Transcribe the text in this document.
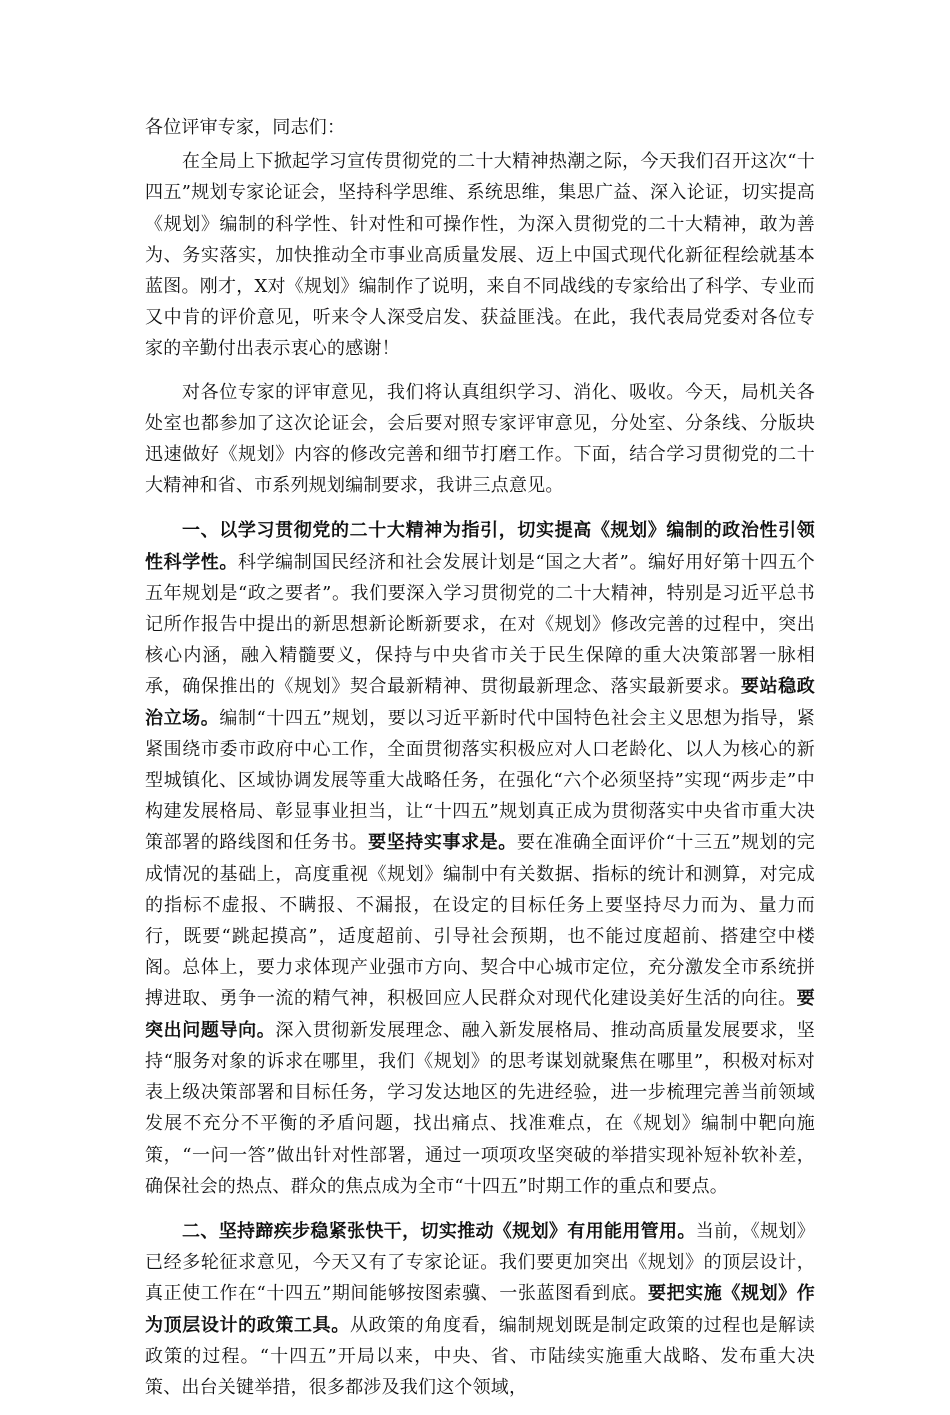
各位评审专家，同志们：

在全局上下掀起学习宣传贯彻党的二十大精神热潮之际，今天我们召开这次“十四五”规划专家论证会，坚持科学思维、系统思维，集思广益、深入论证，切实提高《规划》编制的科学性、针对性和可操作性，为深入贯彻党的二十大精神，敢为善为、务实落实，加快推动全市事业高质量发展、迈上中国式现代化新征程绘就基本蓝图。刚才，X对《规划》编制作了说明，来自不同战线的专家给出了科学、专业而又中肯的评价意见，听来令人深受启发、获益匪浅。在此，我代表局党委对各位专家的辛勤付出表示衷心的感谢！

对各位专家的评审意见，我们将认真组织学习、消化、吸收。今天，局机关各处室也都参加了这次论证会，会后要对照专家评审意见，分处室、分条线、分版块迅速做好《规划》内容的修改完善和细节打磨工作。下面，结合学习贯彻党的二十大精神和省、市系列规划编制要求，我讲三点意见。

一、以学习贯彻党的二十大精神为指引，切实提高《规划》编制的政治性引领性科学性。科学编制国民经济和社会发展计划是“国之大者”。编好用好第十四五个五年规划是“政之要者”。我们要深入学习贯彻党的二十大精神，特别是习近平总书记所作报告中提出的新思想新论断新要求，在对《规划》修改完善的过程中，突出核心内涵，融入精髓要义，保持与中央省市关于民生保障的重大决策部署一脉相承，确保推出的《规划》契合最新精神、贯彻最新理念、落实最新要求。要站稳政治立场。编制“十四五”规划，要以习近平新时代中国特色社会主义思想为指导，紧紧围绕市委市政府中心工作，全面贯彻落实积极应对人口老龄化、以人为核心的新型城镇化、区域协调发展等重大战略任务，在强化“六个必须坚持”实现“两步走”中构建发展格局、彰显事业担当，让“十四五”规划真正成为贯彻落实中央省市重大决策部署的路线图和任务书。要坚持实事求是。要在准确全面评价“十三五”规划的完成情况的基础上，高度重视《规划》编制中有关数据、指标的统计和测算，对完成的指标不虚报、不瞒报、不漏报，在设定的目标任务上要坚持尽力而为、量力而行，既要“跳起摸高”，适度超前、引导社会预期，也不能过度超前、搭建空中楼阁。总体上，要力求体现产业强市方向、契合中心城市定位，充分激发全市系统拼搏进取、勇争一流的精气神，积极回应人民群众对现代化建设美好生活的向往。要突出问题导向。深入贯彻新发展理念、融入新发展格局、推动高质量发展要求，坚持“服务对象的诉求在哪里，我们《规划》的思考谋划就聚焦在哪里”，积极对标对表上级决策部署和目标任务，学习发达地区的先进经验，进一步梳理完善当前领域发展不充分不平衡的矛盾问题，找出痛点、找准难点，在《规划》编制中靶向施策，“一问一答”做出针对性部署，通过一项项攻坚突破的举措实现补短补软补差，确保社会的热点、群众的焦点成为全市“十四五”时期工作的重点和要点。

二、坚持蹄疾步稳紧张快干，切实推动《规划》有用能用管用。当前，《规划》已经多轮征求意见，今天又有了专家论证。我们要更加突出《规划》的顶层设计，真正使工作在“十四五”期间能够按图索骥、一张蓝图看到底。要把实施《规划》作为顶层设计的政策工具。从政策的角度看，编制规划既是制定政策的过程也是解读政策的过程。“十四五”开局以来，中央、省、市陆续实施重大战略、发布重大决策、出台关键举措，很多都涉及我们这个领域，
